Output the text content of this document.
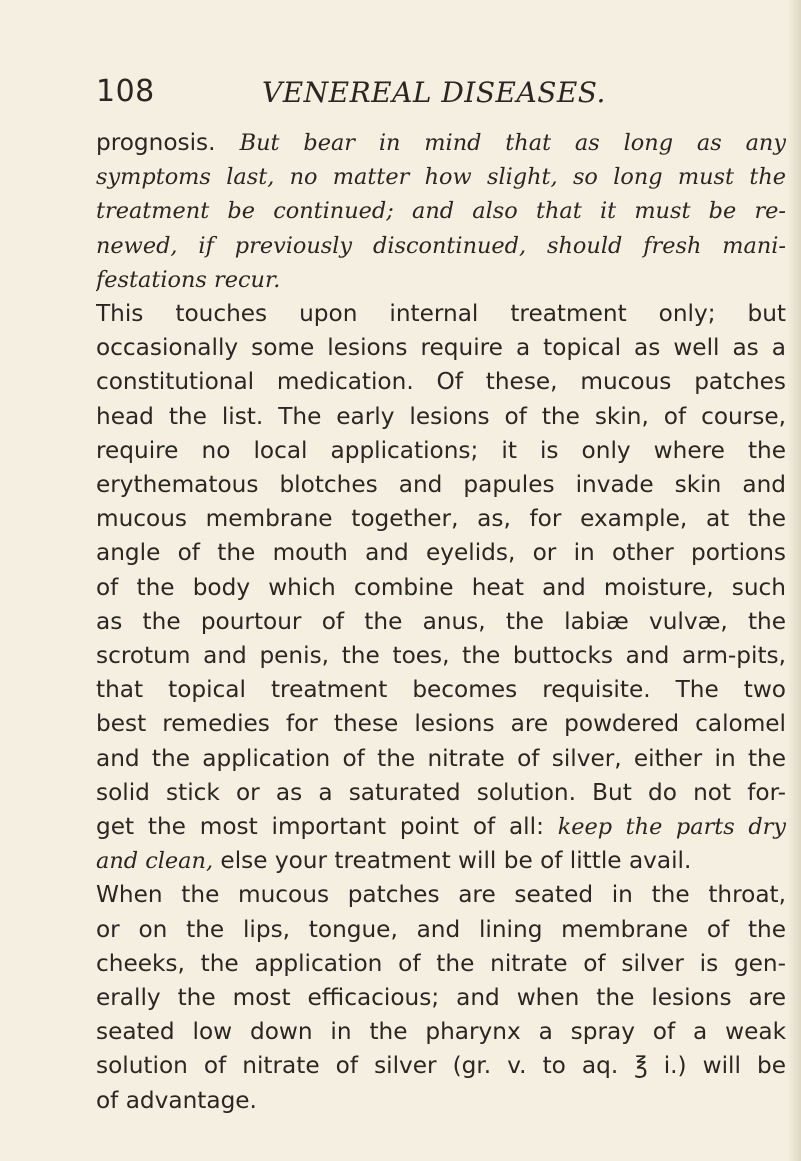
108	VENEREAL DISEASES.
prognosis. But bear in mind that as long as any
symptoms last, no matter how slight, so long must the
treatment be continued; and also that it must be re-
newed, if previously discontinued, should fresh mani-
festations recur.
This touches upon internal treatment only; but
occasionally some lesions require a topical as well as a
constitutional medication. Of these, mucous patches
head the list. The early lesions of the skin, of course,
require no local applications; it is only where the
erythematous blotches and papules invade skin and
mucous membrane together, as, for example, at the
angle of the mouth and eyelids, or in other portions
of the body which combine heat and moisture, such
as the pourtour of the anus, the labiæ vulvæ, the
scrotum and penis, the toes, the buttocks and arm-pits,
that topical treatment becomes requisite. The two
best remedies for these lesions are powdered calomel
and the application of the nitrate of silver, either in the
solid stick or as a saturated solution. But do not for-
get the most important point of all: keep the parts dry
and clean, else your treatment will be of little avail.
When the mucous patches are seated in the throat,
or on the lips, tongue, and lining membrane of the
cheeks, the application of the nitrate of silver is gen-
erally the most efficacious; and when the lesions are
seated low down in the pharynx a spray of a weak
solution of nitrate of silver (gr. v. to aq. ℥ i.) will be
of advantage.
